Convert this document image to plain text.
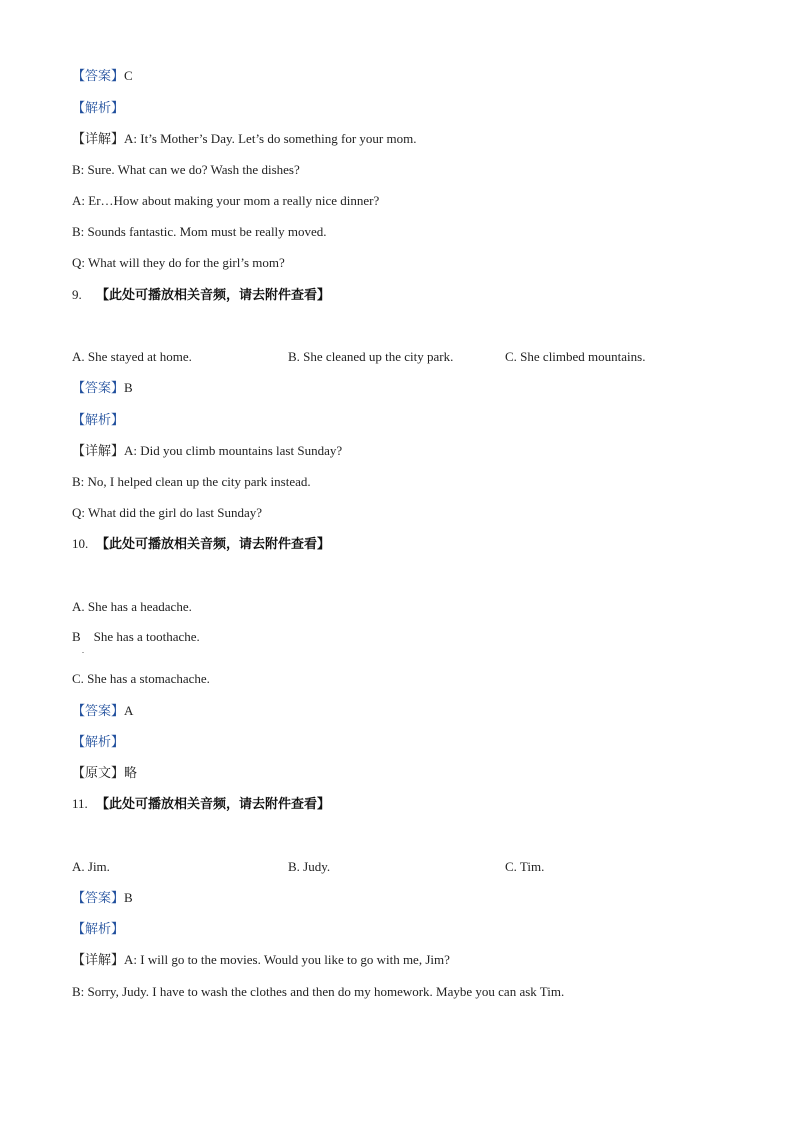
【答案】C
【解析】
【详解】A: It’s Mother’s Day. Let’s do something for your mom.
B: Sure. What can we do? Wash the dishes?
A: Er…How about making your mom a really nice dinner?
B: Sounds fantastic. Mom must be really moved.
Q: What will they do for the girl’s mom?
9. 【此处可播放相关音频，请去附件查看】
A. She stayed at home.	B. She cleaned up the city park.	C. She climbed mountains.
【答案】B
【解析】
【详解】A: Did you climb mountains last Sunday?
B: No, I helped clean up the city park instead.
Q: What did the girl do last Sunday?
10. 【此处可播放相关音频，请去附件查看】
A. She has a headache.
B She has a toothache.
.
C. She has a stomachache.
【答案】A
【解析】
【原文】略
11. 【此处可播放相关音频，请去附件查看】
A. Jim.	B. Judy.	C. Tim.
【答案】B
【解析】
【详解】A: I will go to the movies. Would you like to go with me, Jim?
B: Sorry, Judy. I have to wash the clothes and then do my homework. Maybe you can ask Tim.
